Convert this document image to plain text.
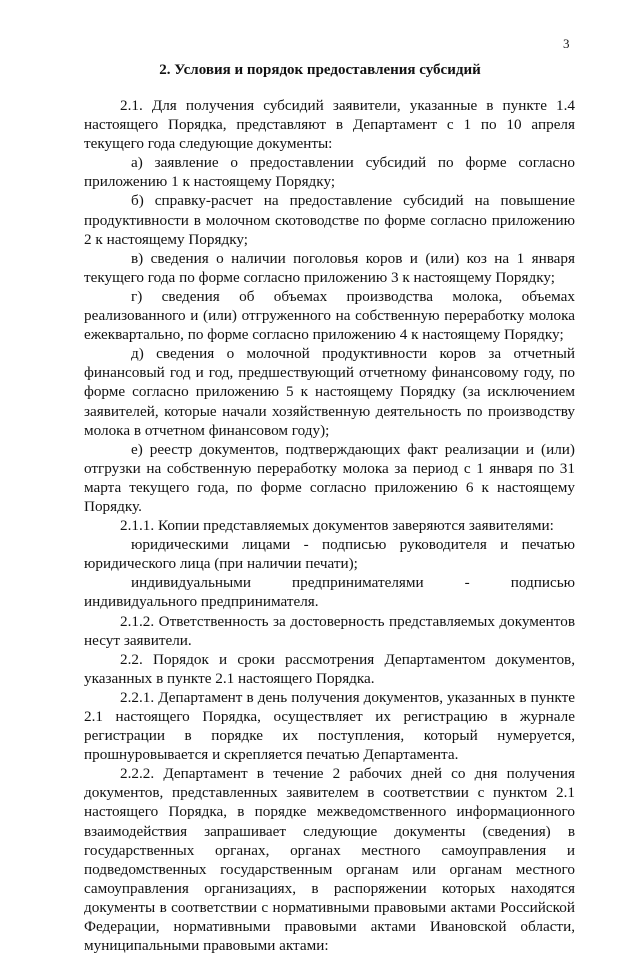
3
2. Условия и порядок предоставления субсидий

2.1. Для получения субсидий заявители, указанные в пункте 1.4 настоящего Порядка, представляют в Департамент с 1 по 10 апреля текущего года следующие документы:

а) заявление о предоставлении субсидий по форме согласно приложению 1 к настоящему Порядку;

б) справку-расчет на предоставление субсидий на повышение продуктивности в молочном скотоводстве по форме согласно приложению 2 к настоящему Порядку;

в) сведения о наличии поголовья коров и (или) коз на 1 января текущего года по форме согласно приложению 3 к настоящему Порядку;

г) сведения об объемах производства молока, объемах реализованного и (или) отгруженного на собственную переработку молока ежеквартально, по форме согласно приложению 4 к настоящему Порядку;

д) сведения о молочной продуктивности коров за отчетный финансовый год и год, предшествующий отчетному финансовому году, по форме согласно приложению 5 к настоящему Порядку (за исключением заявителей, которые начали хозяйственную деятельность по производству молока в отчетном финансовом году);

е) реестр документов, подтверждающих факт реализации и (или) отгрузки на собственную переработку молока за период с 1 января по 31 марта текущего года, по форме согласно приложению 6 к настоящему Порядку.

2.1.1. Копии представляемых документов заверяются заявителями:

юридическими лицами - подписью руководителя и печатью юридического лица (при наличии печати);

индивидуальными предпринимателями - подписью индивидуального предпринимателя.

2.1.2. Ответственность за достоверность представляемых документов несут заявители.

2.2. Порядок и сроки рассмотрения Департаментом документов, указанных в пункте 2.1 настоящего Порядка.

2.2.1. Департамент в день получения документов, указанных в пункте 2.1 настоящего Порядка, осуществляет их регистрацию в журнале регистрации в порядке их поступления, который нумеруется, прошнуровывается и скрепляется печатью Департамента.

2.2.2. Департамент в течение 2 рабочих дней со дня получения документов, представленных заявителем в соответствии с пунктом 2.1 настоящего Порядка, в порядке межведомственного информационного взаимодействия запрашивает следующие документы (сведения) в государственных органах, органах местного самоуправления и подведомственных государственным органам или органам местного самоуправления организациях, в распоряжении которых находятся документы в соответствии с нормативными правовыми актами Российской Федерации, нормативными правовыми актами Ивановской области, муниципальными правовыми актами:
